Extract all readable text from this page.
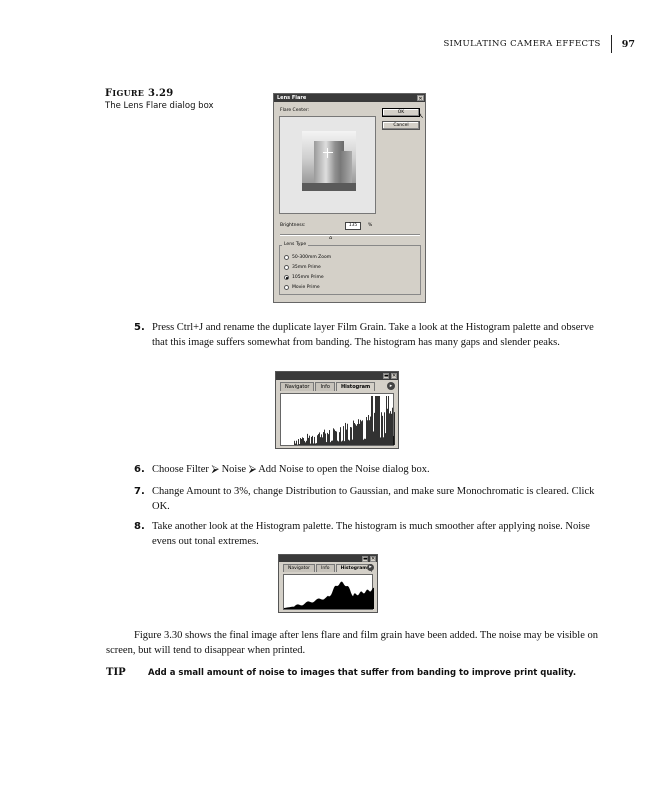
SIMULATING CAMERA EFFECTS	97
FIGURE 3.29
The Lens Flare dialog box
Lens Flare	✕
Flare Center:	OK
Cancel
↖
Brightness:	135	%
⌂
Lens Type
50-300mm Zoom
35mm Prime
105mm Prime
Movie Prime
5. Press Ctrl+J and rename the duplicate layer Film Grain. Take a look at the Histogram palette and observe that this image suffers somewhat from banding. The histogram has many gaps and slender peaks.
▬ ✕
Navigator	Info	Histogram	▸
6. Choose Filter ⮚ Noise ⮚ Add Noise to open the Noise dialog box.
7. Change Amount to 3%, change Distribution to Gaussian, and make sure Monochromatic is cleared. Click OK.
8. Take another look at the Histogram palette. The histogram is much smoother after applying noise. Noise evens out tonal extremes.
▬ ✕
Navigator	Info	Histogram ▸
Figure 3.30 shows the final image after lens flare and film grain have been added. The noise may be visible on screen, but will tend to disappear when printed.
TIP	Add a small amount of noise to images that suffer from banding to improve print quality.
